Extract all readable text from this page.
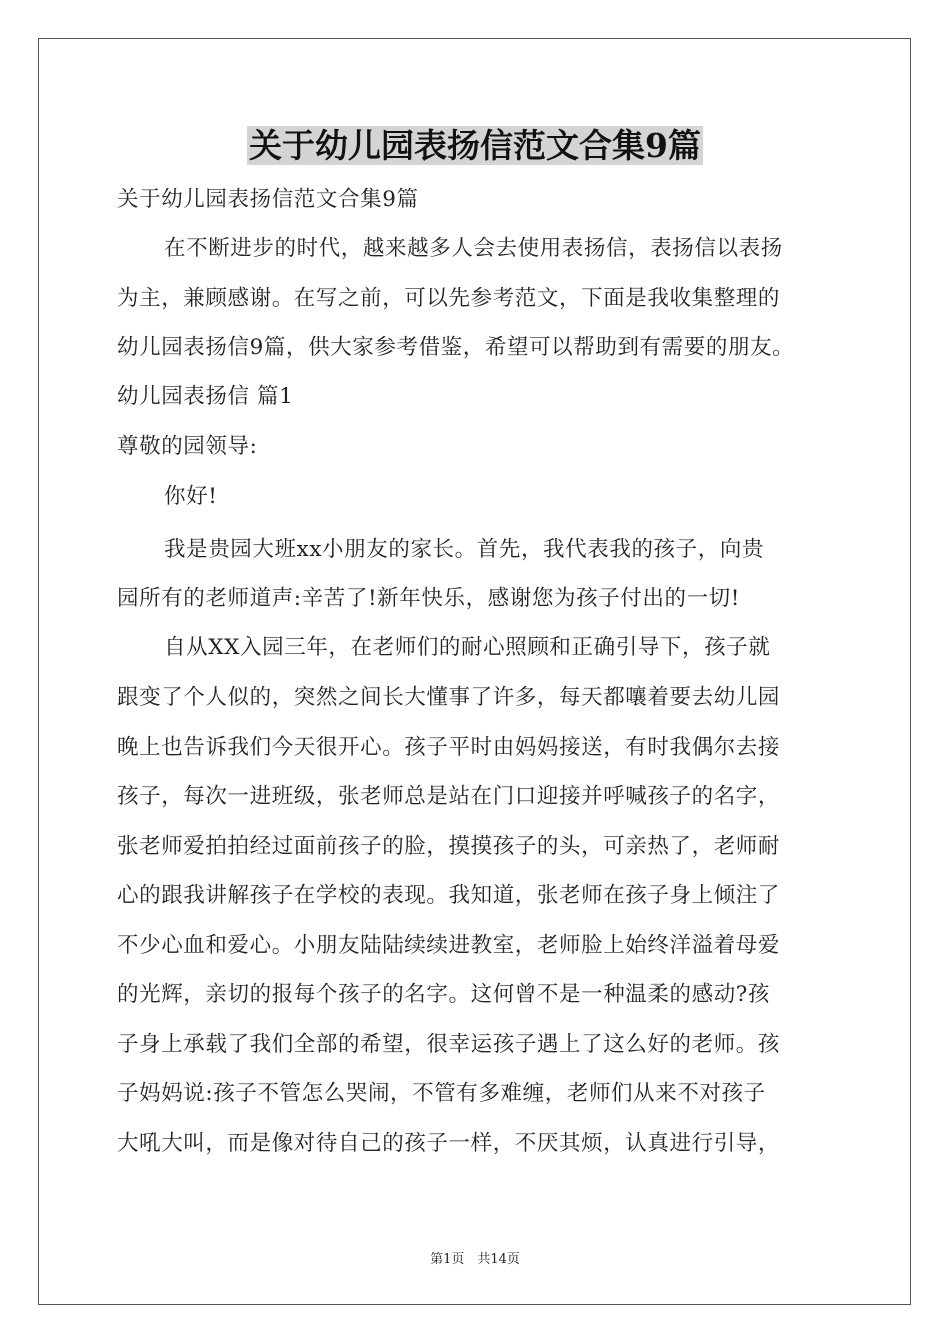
关于幼儿园表扬信范文合集9篇
关于幼儿园表扬信范文合集9篇
在不断进步的时代，越来越多人会去使用表扬信，表扬信以表扬
为主，兼顾感谢。在写之前，可以先参考范文，下面是我收集整理的
幼儿园表扬信9篇，供大家参考借鉴，希望可以帮助到有需要的朋友。
幼儿园表扬信 篇1
尊敬的园领导:
你好!
我是贵园大班xx小朋友的家长。首先，我代表我的孩子，向贵
园所有的老师道声:辛苦了!新年快乐，感谢您为孩子付出的一切!
自从XX入园三年，在老师们的耐心照顾和正确引导下，孩子就
跟变了个人似的，突然之间长大懂事了许多，每天都嚷着要去幼儿园
晚上也告诉我们今天很开心。孩子平时由妈妈接送，有时我偶尔去接
孩子，每次一进班级，张老师总是站在门口迎接并呼喊孩子的名字，
张老师爱拍拍经过面前孩子的脸，摸摸孩子的头，可亲热了，老师耐
心的跟我讲解孩子在学校的表现。我知道，张老师在孩子身上倾注了
不少心血和爱心。小朋友陆陆续续进教室，老师脸上始终洋溢着母爱
的光辉，亲切的报每个孩子的名字。这何曾不是一种温柔的感动?孩
子身上承载了我们全部的希望，很幸运孩子遇上了这么好的老师。孩
子妈妈说:孩子不管怎么哭闹，不管有多难缠，老师们从来不对孩子
大吼大叫，而是像对待自己的孩子一样，不厌其烦，认真进行引导，
第1页　共14页
